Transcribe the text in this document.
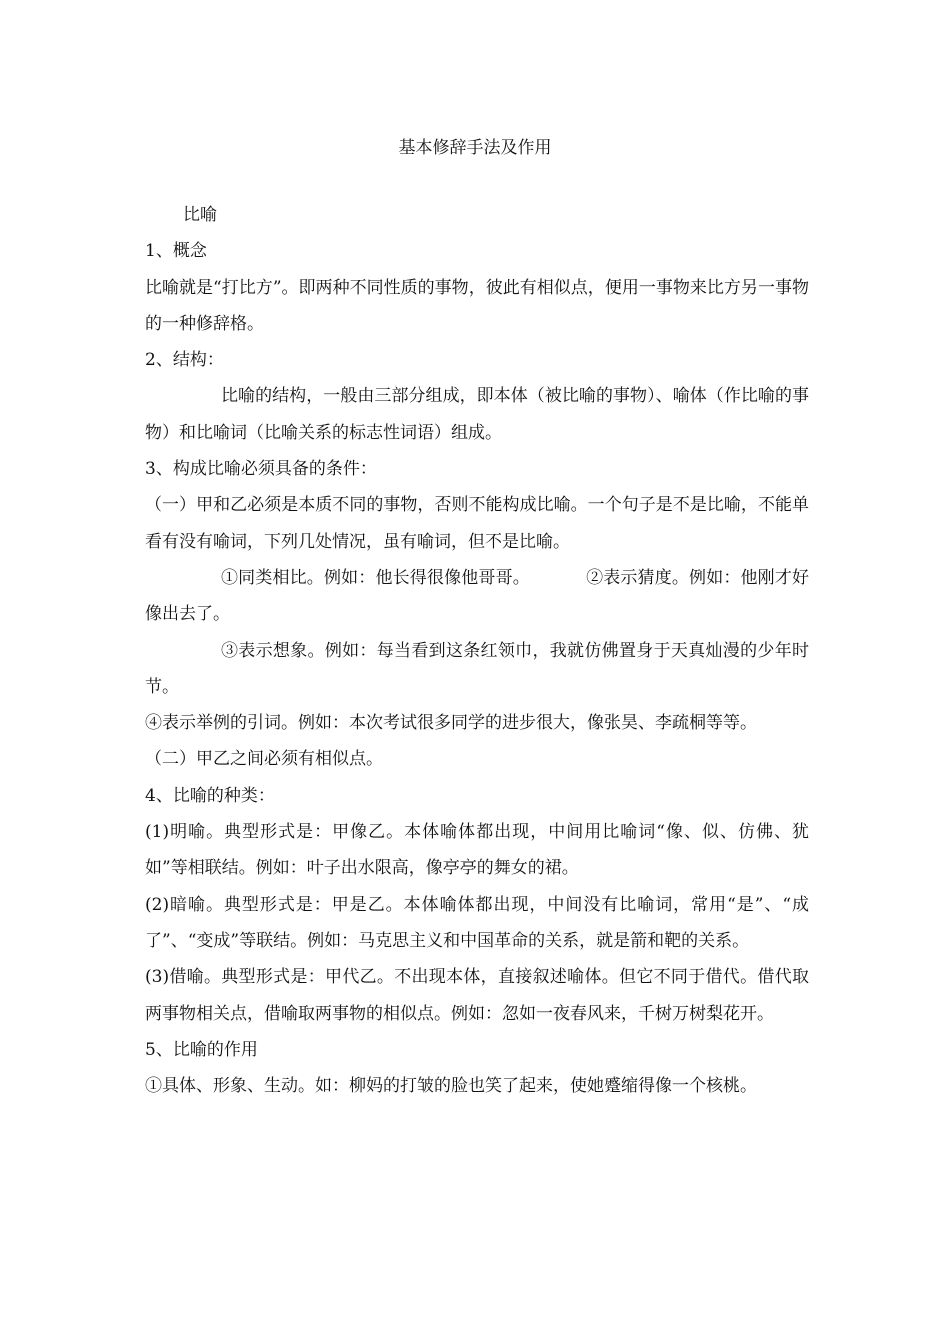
基本修辞手法及作用

比喻

1、概念

比喻就是“打比方”。即两种不同性质的事物，彼此有相似点，便用一事物来比方另一事物的一种修辞格。

2、结构：

比喻的结构，一般由三部分组成，即本体（被比喻的事物）、喻体（作比喻的事物）和比喻词（比喻关系的标志性词语）组成。

3、构成比喻必须具备的条件：

（一）甲和乙必须是本质不同的事物，否则不能构成比喻。一个句子是不是比喻，不能单看有没有喻词，下列几处情况，虽有喻词，但不是比喻。

①同类相比。例如：他长得很像他哥哥。	②表示猜度。例如：他刚才好像出去了。

③表示想象。例如：每当看到这条红领巾，我就仿佛置身于天真灿漫的少年时节。

④表示举例的引词。例如：本次考试很多同学的进步很大，像张昊、李疏桐等等。

（二）甲乙之间必须有相似点。

4、比喻的种类：

(1)明喻。典型形式是：甲像乙。本体喻体都出现，中间用比喻词“像、似、仿佛、犹如”等相联结。例如：叶子出水限高，像亭亭的舞女的裙。

(2)暗喻。典型形式是：甲是乙。本体喻体都出现，中间没有比喻词，常用“是”、“成了”、“变成”等联结。例如：马克思主义和中国革命的关系，就是箭和靶的关系。

(3)借喻。典型形式是：甲代乙。不出现本体，直接叙述喻体。但它不同于借代。借代取两事物相关点，借喻取两事物的相似点。例如：忽如一夜春风来，千树万树梨花开。

5、比喻的作用

①具体、形象、生动。如：柳妈的打皱的脸也笑了起来，使她蹙缩得像一个核桃。
